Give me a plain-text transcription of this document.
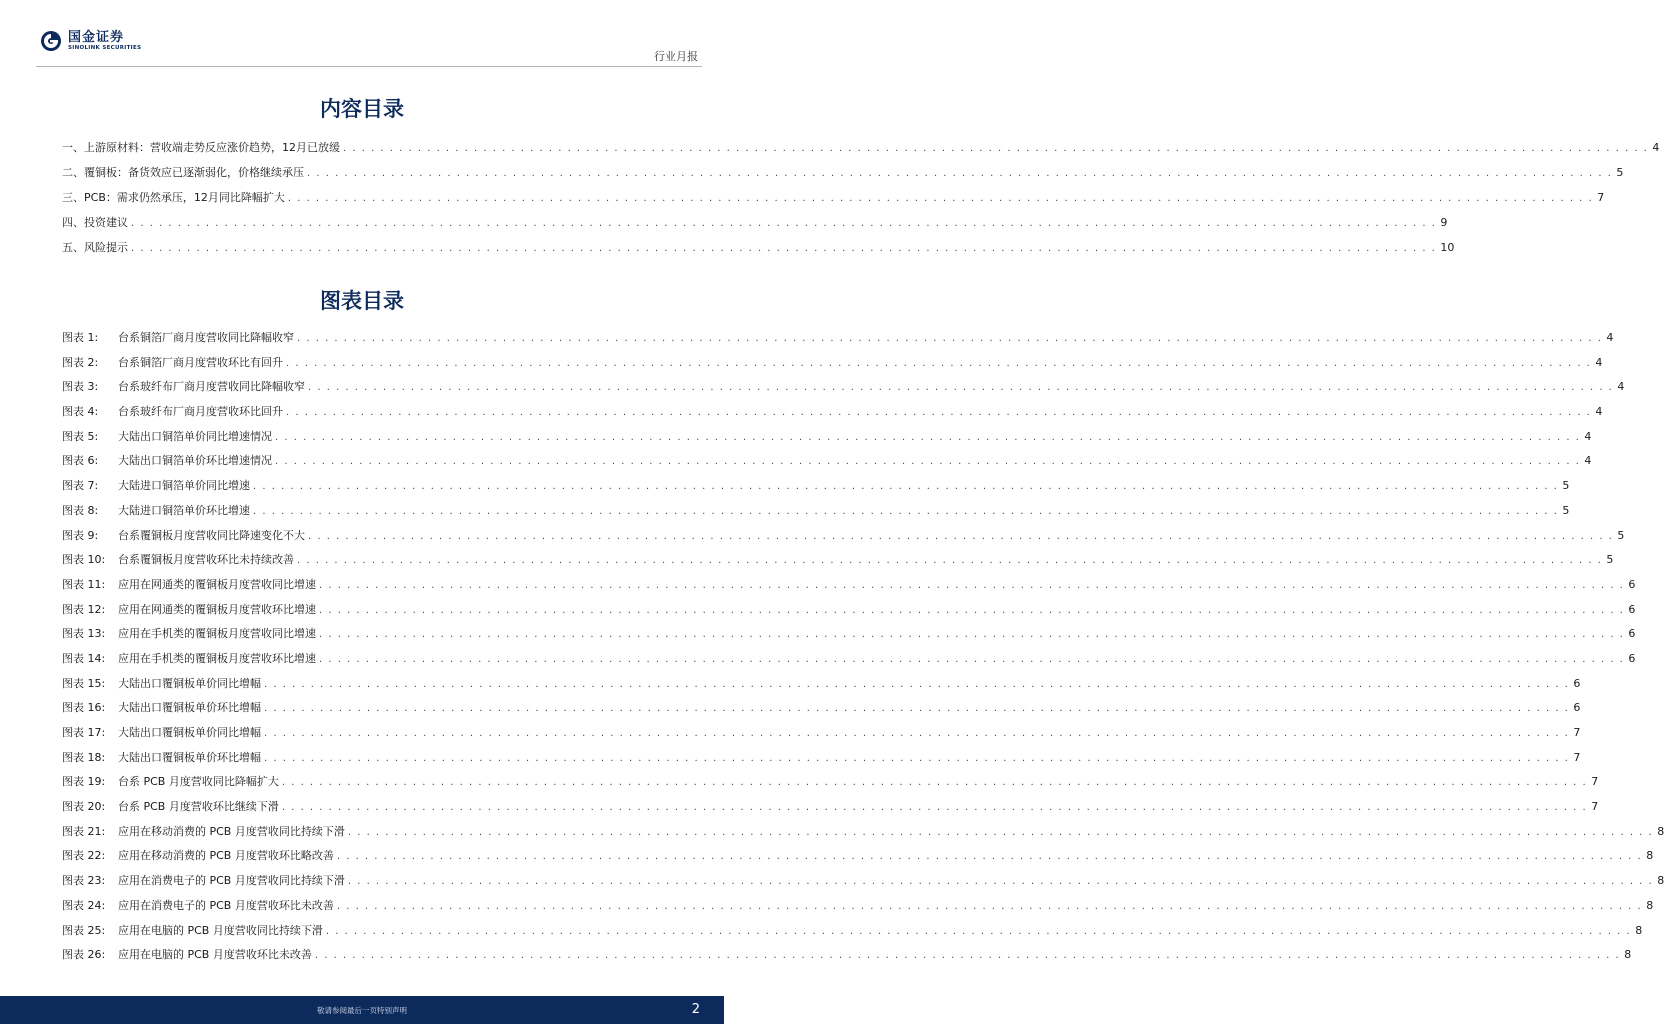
国金证券
SINOLINK SECURITIES
行业月报
内容目录
一、上游原材料：营收端走势反应涨价趋势，12月已放缓 . . . . . . . . . . . . . . . . . . . . . . . . . . . . . . . . . . . . . . . . . . . . . . . . . . . . . . . . . . . . . . . . . . . . . . . . . . . . . . . . . . . . . . . . . . . . . . . . . . . . . . . . . . . . . . . . . . . . . . . . . . . . . . . . . . . . . . . . . . . . 4
二、覆铜板：备货效应已逐渐弱化，价格继续承压 . . . . . . . . . . . . . . . . . . . . . . . . . . . . . . . . . . . . . . . . . . . . . . . . . . . . . . . . . . . . . . . . . . . . . . . . . . . . . . . . . . . . . . . . . . . . . . . . . . . . . . . . . . . . . . . . . . . . . . . . . . . . . . . . . . . . . . . . . . . . 5
三、PCB：需求仍然承压，12月同比降幅扩大 . . . . . . . . . . . . . . . . . . . . . . . . . . . . . . . . . . . . . . . . . . . . . . . . . . . . . . . . . . . . . . . . . . . . . . . . . . . . . . . . . . . . . . . . . . . . . . . . . . . . . . . . . . . . . . . . . . . . . . . . . . . . . . . . . . . . . . . . . . . . 7
四、投资建议 . . . . . . . . . . . . . . . . . . . . . . . . . . . . . . . . . . . . . . . . . . . . . . . . . . . . . . . . . . . . . . . . . . . . . . . . . . . . . . . . . . . . . . . . . . . . . . . . . . . . . . . . . . . . . . . . . . . . . . . . . . . . . . . . . . . . . . . . . . . . 9
五、风险提示 . . . . . . . . . . . . . . . . . . . . . . . . . . . . . . . . . . . . . . . . . . . . . . . . . . . . . . . . . . . . . . . . . . . . . . . . . . . . . . . . . . . . . . . . . . . . . . . . . . . . . . . . . . . . . . . . . . . . . . . . . . . . . . . . . . . . . . . . . . . . 10
图表目录
图表 1: 台系铜箔厂商月度营收同比降幅收窄 . . . . . . . . . . . . . . . . . . . . . . . . . . . . . . . . . . . . . . . . . . . . . . . . . . . . . . . . . . . . . . . . . . . . . . . . . . . . . . . . . . . . . . . . . . . . . . . . . . . . . . . . . . . . . . . . . . . . . . . . . . . . . . . . . . . . . . . . . . . . 4
图表 2: 台系铜箔厂商月度营收环比有回升 . . . . . . . . . . . . . . . . . . . . . . . . . . . . . . . . . . . . . . . . . . . . . . . . . . . . . . . . . . . . . . . . . . . . . . . . . . . . . . . . . . . . . . . . . . . . . . . . . . . . . . . . . . . . . . . . . . . . . . . . . . . . . . . . . . . . . . . . . . . . 4
图表 3: 台系玻纤布厂商月度营收同比降幅收窄 . . . . . . . . . . . . . . . . . . . . . . . . . . . . . . . . . . . . . . . . . . . . . . . . . . . . . . . . . . . . . . . . . . . . . . . . . . . . . . . . . . . . . . . . . . . . . . . . . . . . . . . . . . . . . . . . . . . . . . . . . . . . . . . . . . . . . . . . . . . . 4
图表 4: 台系玻纤布厂商月度营收环比回升 . . . . . . . . . . . . . . . . . . . . . . . . . . . . . . . . . . . . . . . . . . . . . . . . . . . . . . . . . . . . . . . . . . . . . . . . . . . . . . . . . . . . . . . . . . . . . . . . . . . . . . . . . . . . . . . . . . . . . . . . . . . . . . . . . . . . . . . . . . . . 4
图表 5: 大陆出口铜箔单价同比增速情况 . . . . . . . . . . . . . . . . . . . . . . . . . . . . . . . . . . . . . . . . . . . . . . . . . . . . . . . . . . . . . . . . . . . . . . . . . . . . . . . . . . . . . . . . . . . . . . . . . . . . . . . . . . . . . . . . . . . . . . . . . . . . . . . . . . . . . . . . . . . . 4
图表 6: 大陆出口铜箔单价环比增速情况 . . . . . . . . . . . . . . . . . . . . . . . . . . . . . . . . . . . . . . . . . . . . . . . . . . . . . . . . . . . . . . . . . . . . . . . . . . . . . . . . . . . . . . . . . . . . . . . . . . . . . . . . . . . . . . . . . . . . . . . . . . . . . . . . . . . . . . . . . . . . 4
图表 7: 大陆进口铜箔单价同比增速 . . . . . . . . . . . . . . . . . . . . . . . . . . . . . . . . . . . . . . . . . . . . . . . . . . . . . . . . . . . . . . . . . . . . . . . . . . . . . . . . . . . . . . . . . . . . . . . . . . . . . . . . . . . . . . . . . . . . . . . . . . . . . . . . . . . . . . . . . . . . 5
图表 8: 大陆进口铜箔单价环比增速 . . . . . . . . . . . . . . . . . . . . . . . . . . . . . . . . . . . . . . . . . . . . . . . . . . . . . . . . . . . . . . . . . . . . . . . . . . . . . . . . . . . . . . . . . . . . . . . . . . . . . . . . . . . . . . . . . . . . . . . . . . . . . . . . . . . . . . . . . . . . 5
图表 9: 台系覆铜板月度营收同比降速变化不大 . . . . . . . . . . . . . . . . . . . . . . . . . . . . . . . . . . . . . . . . . . . . . . . . . . . . . . . . . . . . . . . . . . . . . . . . . . . . . . . . . . . . . . . . . . . . . . . . . . . . . . . . . . . . . . . . . . . . . . . . . . . . . . . . . . . . . . . . . . . . 5
图表 10: 台系覆铜板月度营收环比未持续改善 . . . . . . . . . . . . . . . . . . . . . . . . . . . . . . . . . . . . . . . . . . . . . . . . . . . . . . . . . . . . . . . . . . . . . . . . . . . . . . . . . . . . . . . . . . . . . . . . . . . . . . . . . . . . . . . . . . . . . . . . . . . . . . . . . . . . . . . . . . . . 5
图表 11: 应用在网通类的覆铜板月度营收同比增速 . . . . . . . . . . . . . . . . . . . . . . . . . . . . . . . . . . . . . . . . . . . . . . . . . . . . . . . . . . . . . . . . . . . . . . . . . . . . . . . . . . . . . . . . . . . . . . . . . . . . . . . . . . . . . . . . . . . . . . . . . . . . . . . . . . . . . . . . . . . . 6
图表 12: 应用在网通类的覆铜板月度营收环比增速 . . . . . . . . . . . . . . . . . . . . . . . . . . . . . . . . . . . . . . . . . . . . . . . . . . . . . . . . . . . . . . . . . . . . . . . . . . . . . . . . . . . . . . . . . . . . . . . . . . . . . . . . . . . . . . . . . . . . . . . . . . . . . . . . . . . . . . . . . . . . 6
图表 13: 应用在手机类的覆铜板月度营收同比增速 . . . . . . . . . . . . . . . . . . . . . . . . . . . . . . . . . . . . . . . . . . . . . . . . . . . . . . . . . . . . . . . . . . . . . . . . . . . . . . . . . . . . . . . . . . . . . . . . . . . . . . . . . . . . . . . . . . . . . . . . . . . . . . . . . . . . . . . . . . . . 6
图表 14: 应用在手机类的覆铜板月度营收环比增速 . . . . . . . . . . . . . . . . . . . . . . . . . . . . . . . . . . . . . . . . . . . . . . . . . . . . . . . . . . . . . . . . . . . . . . . . . . . . . . . . . . . . . . . . . . . . . . . . . . . . . . . . . . . . . . . . . . . . . . . . . . . . . . . . . . . . . . . . . . . . 6
图表 15: 大陆出口覆铜板单价同比增幅 . . . . . . . . . . . . . . . . . . . . . . . . . . . . . . . . . . . . . . . . . . . . . . . . . . . . . . . . . . . . . . . . . . . . . . . . . . . . . . . . . . . . . . . . . . . . . . . . . . . . . . . . . . . . . . . . . . . . . . . . . . . . . . . . . . . . . . . . . . . . 6
图表 16: 大陆出口覆铜板单价环比增幅 . . . . . . . . . . . . . . . . . . . . . . . . . . . . . . . . . . . . . . . . . . . . . . . . . . . . . . . . . . . . . . . . . . . . . . . . . . . . . . . . . . . . . . . . . . . . . . . . . . . . . . . . . . . . . . . . . . . . . . . . . . . . . . . . . . . . . . . . . . . . 6
图表 17: 大陆出口覆铜板单价同比增幅 . . . . . . . . . . . . . . . . . . . . . . . . . . . . . . . . . . . . . . . . . . . . . . . . . . . . . . . . . . . . . . . . . . . . . . . . . . . . . . . . . . . . . . . . . . . . . . . . . . . . . . . . . . . . . . . . . . . . . . . . . . . . . . . . . . . . . . . . . . . . 7
图表 18: 大陆出口覆铜板单价环比增幅 . . . . . . . . . . . . . . . . . . . . . . . . . . . . . . . . . . . . . . . . . . . . . . . . . . . . . . . . . . . . . . . . . . . . . . . . . . . . . . . . . . . . . . . . . . . . . . . . . . . . . . . . . . . . . . . . . . . . . . . . . . . . . . . . . . . . . . . . . . . . 7
图表 19: 台系 PCB 月度营收同比降幅扩大 . . . . . . . . . . . . . . . . . . . . . . . . . . . . . . . . . . . . . . . . . . . . . . . . . . . . . . . . . . . . . . . . . . . . . . . . . . . . . . . . . . . . . . . . . . . . . . . . . . . . . . . . . . . . . . . . . . . . . . . . . . . . . . . . . . . . . . . . . . . . 7
图表 20: 台系 PCB 月度营收环比继续下滑 . . . . . . . . . . . . . . . . . . . . . . . . . . . . . . . . . . . . . . . . . . . . . . . . . . . . . . . . . . . . . . . . . . . . . . . . . . . . . . . . . . . . . . . . . . . . . . . . . . . . . . . . . . . . . . . . . . . . . . . . . . . . . . . . . . . . . . . . . . . . 7
图表 21: 应用在移动消费的 PCB 月度营收同比持续下滑 . . . . . . . . . . . . . . . . . . . . . . . . . . . . . . . . . . . . . . . . . . . . . . . . . . . . . . . . . . . . . . . . . . . . . . . . . . . . . . . . . . . . . . . . . . . . . . . . . . . . . . . . . . . . . . . . . . . . . . . . . . . . . . . . . . . . . . . . . . . . 8
图表 22: 应用在移动消费的 PCB 月度营收环比略改善 . . . . . . . . . . . . . . . . . . . . . . . . . . . . . . . . . . . . . . . . . . . . . . . . . . . . . . . . . . . . . . . . . . . . . . . . . . . . . . . . . . . . . . . . . . . . . . . . . . . . . . . . . . . . . . . . . . . . . . . . . . . . . . . . . . . . . . . . . . . . 8
图表 23: 应用在消费电子的 PCB 月度营收同比持续下滑 . . . . . . . . . . . . . . . . . . . . . . . . . . . . . . . . . . . . . . . . . . . . . . . . . . . . . . . . . . . . . . . . . . . . . . . . . . . . . . . . . . . . . . . . . . . . . . . . . . . . . . . . . . . . . . . . . . . . . . . . . . . . . . . . . . . . . . . . . . . . 8
图表 24: 应用在消费电子的 PCB 月度营收环比未改善 . . . . . . . . . . . . . . . . . . . . . . . . . . . . . . . . . . . . . . . . . . . . . . . . . . . . . . . . . . . . . . . . . . . . . . . . . . . . . . . . . . . . . . . . . . . . . . . . . . . . . . . . . . . . . . . . . . . . . . . . . . . . . . . . . . . . . . . . . . . . 8
图表 25: 应用在电脑的 PCB 月度营收同比持续下滑 . . . . . . . . . . . . . . . . . . . . . . . . . . . . . . . . . . . . . . . . . . . . . . . . . . . . . . . . . . . . . . . . . . . . . . . . . . . . . . . . . . . . . . . . . . . . . . . . . . . . . . . . . . . . . . . . . . . . . . . . . . . . . . . . . . . . . . . . . . . . 8
图表 26: 应用在电脑的 PCB 月度营收环比未改善 . . . . . . . . . . . . . . . . . . . . . . . . . . . . . . . . . . . . . . . . . . . . . . . . . . . . . . . . . . . . . . . . . . . . . . . . . . . . . . . . . . . . . . . . . . . . . . . . . . . . . . . . . . . . . . . . . . . . . . . . . . . . . . . . . . . . . . . . . . . . 8
敬请参阅最后一页特别声明	2
